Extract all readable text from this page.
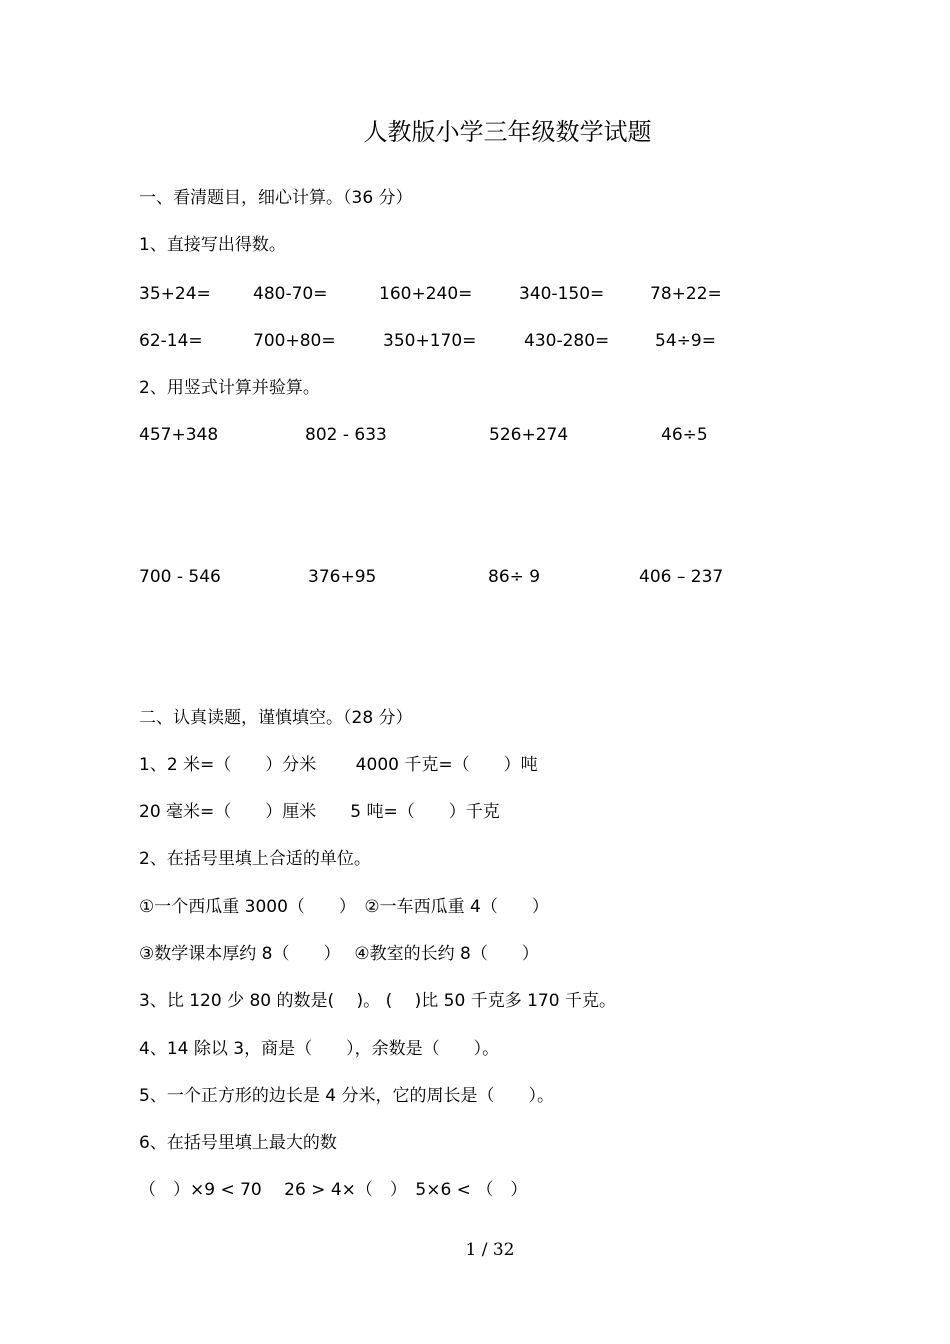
人教版小学三年级数学试题
一、看清题目，细心计算。（36 分）
1、直接写出得数。
35+24= 480-70=	160+240=	340-150=	78+22=
62-14=	700+80=	350+170=	430-280=	54÷9=
2、用竖式计算并验算。
457+348	802 - 633	526+274	46÷5
700 - 546	376+95	86÷ 9	406 – 237
二、认真读题，谨慎填空。（28 分）
1、2 米=（　　）分米　　 4000 千克=（　　）吨
20 毫米=（　　）厘米　　5 吨=（　　）千克
2、在括号里填上合适的单位。
①一个西瓜重 3000（　　）　②一车西瓜重 4（　　）
③数学课本厚约 8（　　）　 ④教室的长约 8（　　）
3、比 120 少 80 的数是(　 )。 (　 )比 50 千克多 170 千克。
4、14 除以 3，商是（　　），余数是（　　）。
5、一个正方形的边长是 4 分米，它的周长是（　　）。
6、在括号里填上最大的数
（　）×9 < 70　 26 > 4×（　）　5×6 < （　）
1 / 32
